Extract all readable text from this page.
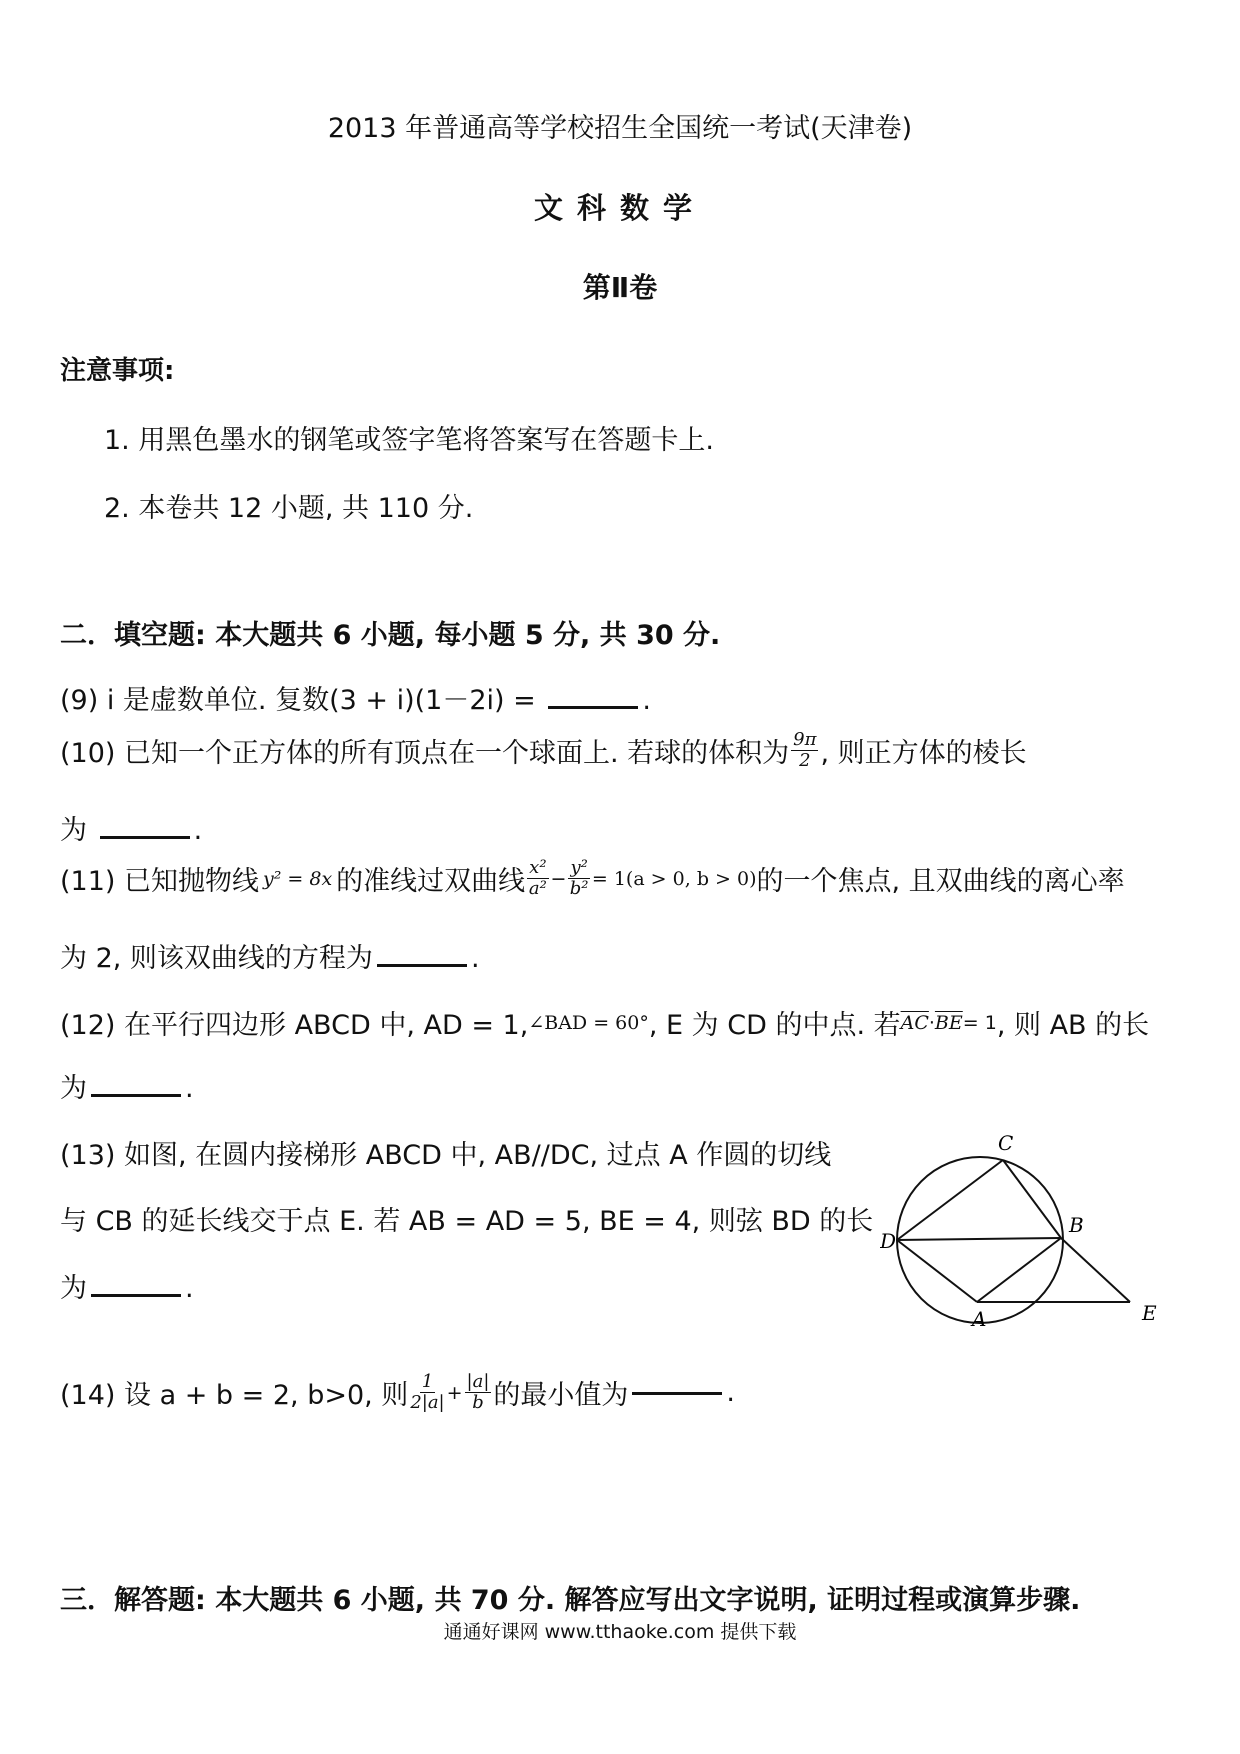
2013 年普通高等学校招生全国统一考试(天津卷)
文科数学
第Ⅱ卷
注意事项:
1. 用黑色墨水的钢笔或签字笔将答案写在答题卡上.
2. 本卷共 12 小题, 共 110 分.
二．填空题: 本大题共 6 小题, 每小题 5 分, 共 30 分.
(9) i 是虚数单位. 复数(3 + i)(1－2i) =	.
(10) 已知一个正方体的所有顶点在一个球面上. 若球的体积为 $\frac{9\pi}{2}$ , 则正方体的棱长
为	.
(11) 已知抛物线 y² = 8x 的准线过双曲线 $\frac{\text{x²}}{\text{a²}} - \frac{\text{y²}}{\text{b²}} = 1(a > 0$, b > 0) 的一个焦点, 且双曲线的离心率
为 2, 则该双曲线的方程为	.
(12) 在平行四边形 ABCD 中, AD = 1, ∠BAD = 60° , E 为 CD 的中点. 若 $\overline{AC} \cdot \overline{BE} = 1$ , 则 AB 的长
为	.
(13) 如图, 在圆内接梯形 ABCD 中, AB//DC, 过点 A 作圆的切线
与 CB 的延长线交于点 E. 若 AB = AD = 5, BE = 4, 则弦 BD 的长
为	.
C
B
D
A	E
(14) 设 a + b = 2, b>0, 则 $\frac{1}{2|a|} + \frac{|a|}{b}$ 的最小值为	.
三．解答题: 本大题共 6 小题, 共 70 分. 解答应写出文字说明, 证明过程或演算步骤.
通通好课网 www.tthaoke.com 提供下载
